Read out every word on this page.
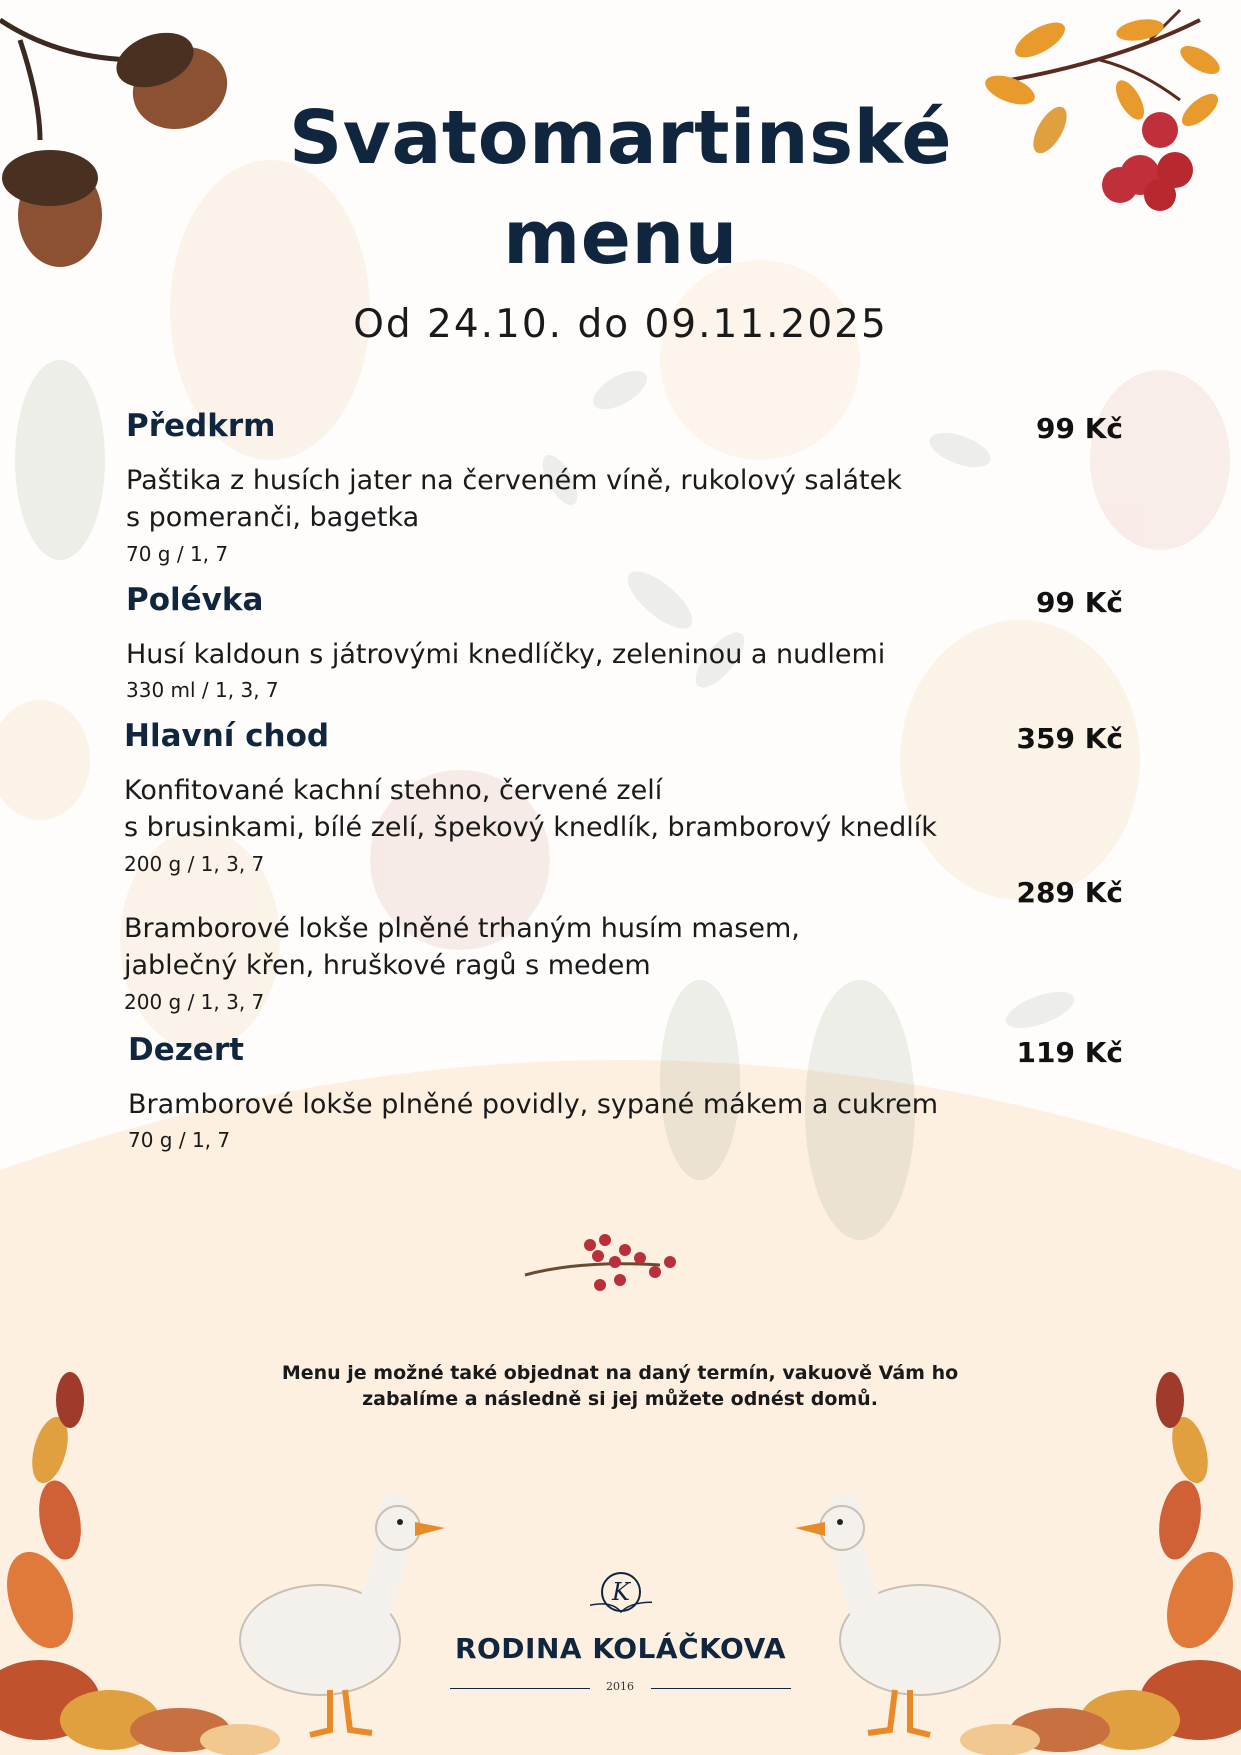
Svatomartinské
menu
Od 24.10. do 09.11.2025
Předkrm	99 Kč
Paštika z husích jater na červeném víně, rukolový salátek
s pomeranči, bagetka
70 g / 1, 7
Polévka	99 Kč
Husí kaldoun s játrovými knedlíčky, zeleninou a nudlemi
330 ml / 1, 3, 7
Hlavní chod	359 Kč
Konfitované kachní stehno, červené zelí
s brusinkami, bílé zelí, špekový knedlík, bramborový knedlík
200 g / 1, 3, 7
289 Kč
Bramborové lokše plněné trhaným husím masem,
jablečný křen, hruškové ragů s medem
200 g / 1, 3, 7
Dezert	119 Kč
Bramborové lokše plněné povidly, sypané mákem a cukrem
70 g / 1, 7
Menu je možné také objednat na daný termín, vakuově Vám ho
zabalíme a následně si jej můžete odnést domů.
K
RODINA KOLÁČKOVA
2016
